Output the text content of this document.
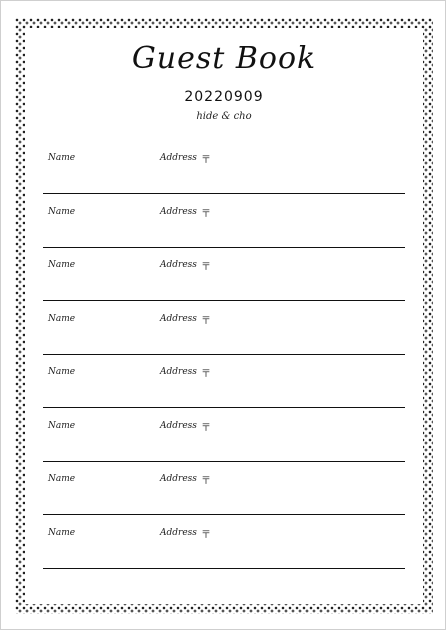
Guest Book
20220909
hide & cho
Name	Address 〒
Name	Address 〒
Name	Address 〒
Name	Address 〒
Name	Address 〒
Name	Address 〒
Name	Address 〒
Name	Address 〒
